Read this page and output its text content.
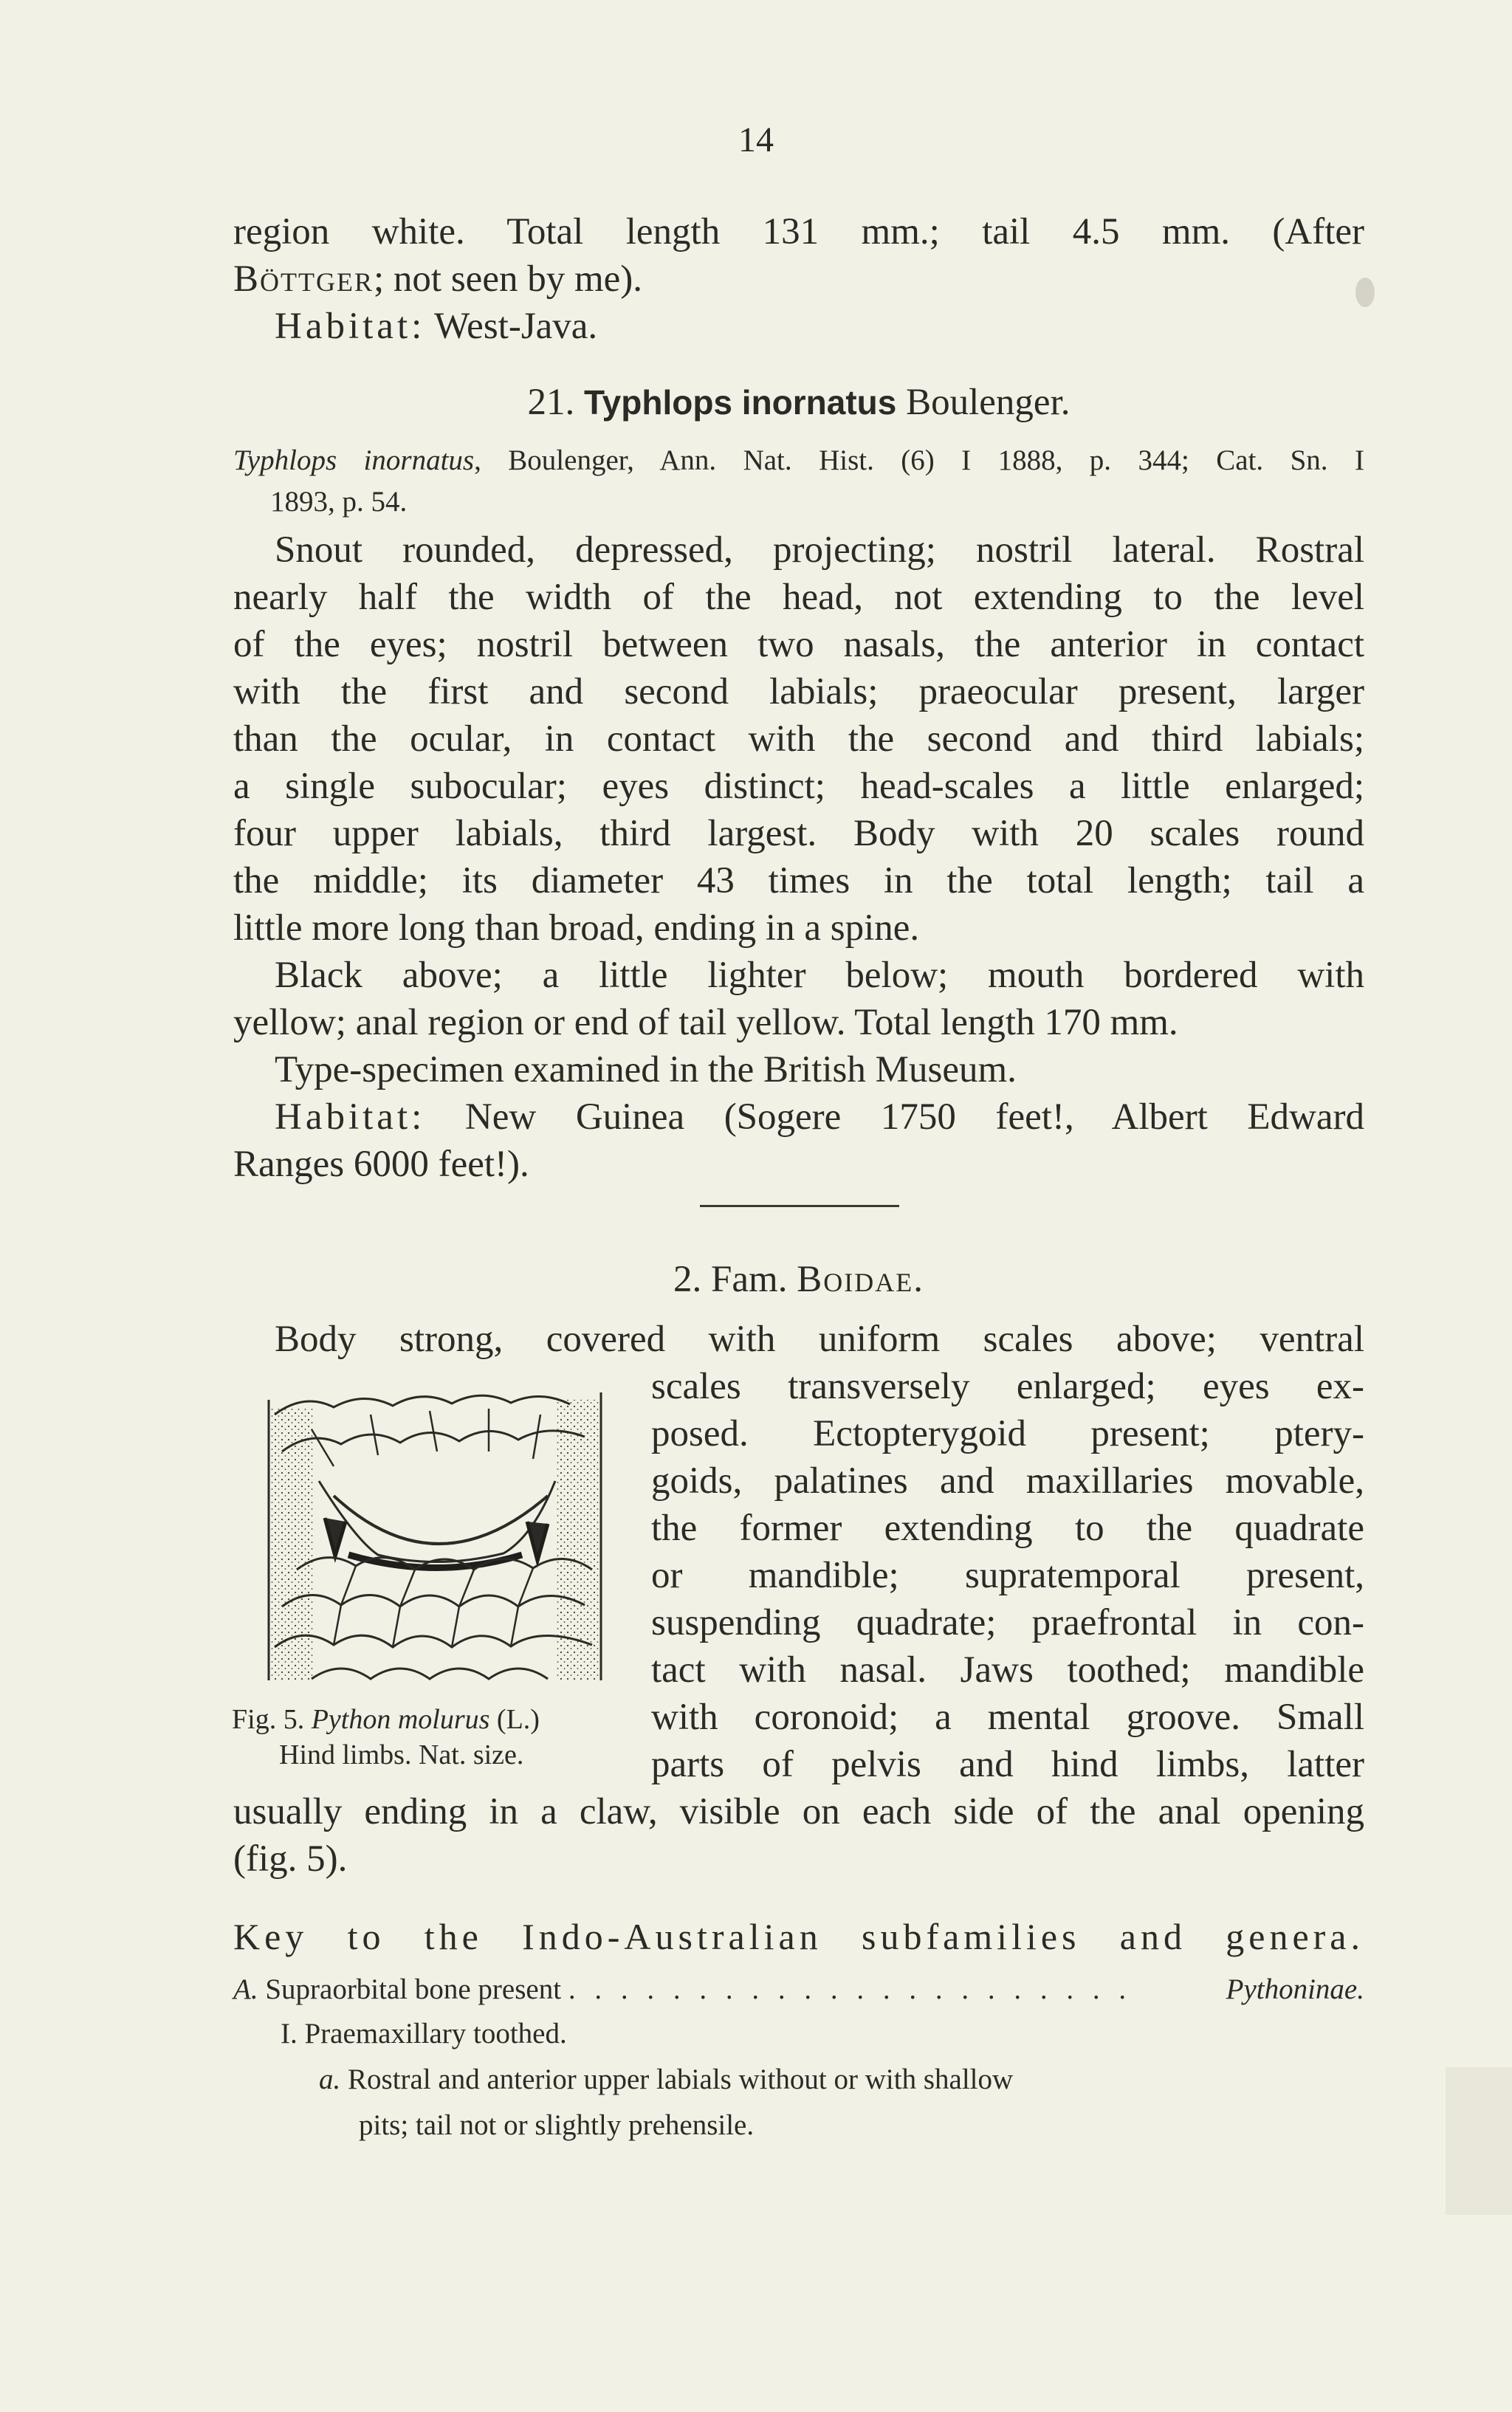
14
region white. Total length 131 mm.; tail 4.5 mm. (After
Böttger; not seen by me).
Habitat: West-Java.
21. Typhlops inornatus Boulenger.
Typhlops inornatus, Boulenger, Ann. Nat. Hist. (6) I 1888, p. 344; Cat. Sn. I
1893, p. 54.
Snout rounded, depressed, projecting; nostril lateral. Rostral
nearly half the width of the head, not extending to the level
of the eyes; nostril between two nasals, the anterior in contact
with the first and second labials; praeocular present, larger
than the ocular, in contact with the second and third labials;
a single subocular; eyes distinct; head-scales a little enlarged;
four upper labials, third largest. Body with 20 scales round
the middle; its diameter 43 times in the total length; tail a
little more long than broad, ending in a spine.
Black above; a little lighter below; mouth bordered with
yellow; anal region or end of tail yellow. Total length 170 mm.
Type-specimen examined in the British Museum.
Habitat: New Guinea (Sogere 1750 feet!, Albert Edward
Ranges 6000 feet!).
2. Fam. Boidae.
Body strong, covered with uniform scales above; ventral
scales transversely enlarged; eyes ex-
posed. Ectopterygoid present; ptery-
goids, palatines and maxillaries movable,
the former extending to the quadrate
or mandible; supratemporal present,
suspending quadrate; praefrontal in con-
tact with nasal. Jaws toothed; mandible
with coronoid; a mental groove. Small
parts of pelvis and hind limbs, latter
usually ending in a claw, visible on each side of the anal opening
(fig. 5).
Fig. 5. Python molurus (L.)
Hind limbs. Nat. size.
Key to the Indo-Australian subfamilies and genera.
A. Supraorbital bone present . . . . . . . . . . . . . . . . . . . . . .	Pythoninae.
I. Praemaxillary toothed.
a. Rostral and anterior upper labials without or with shallow
pits; tail not or slightly prehensile.
